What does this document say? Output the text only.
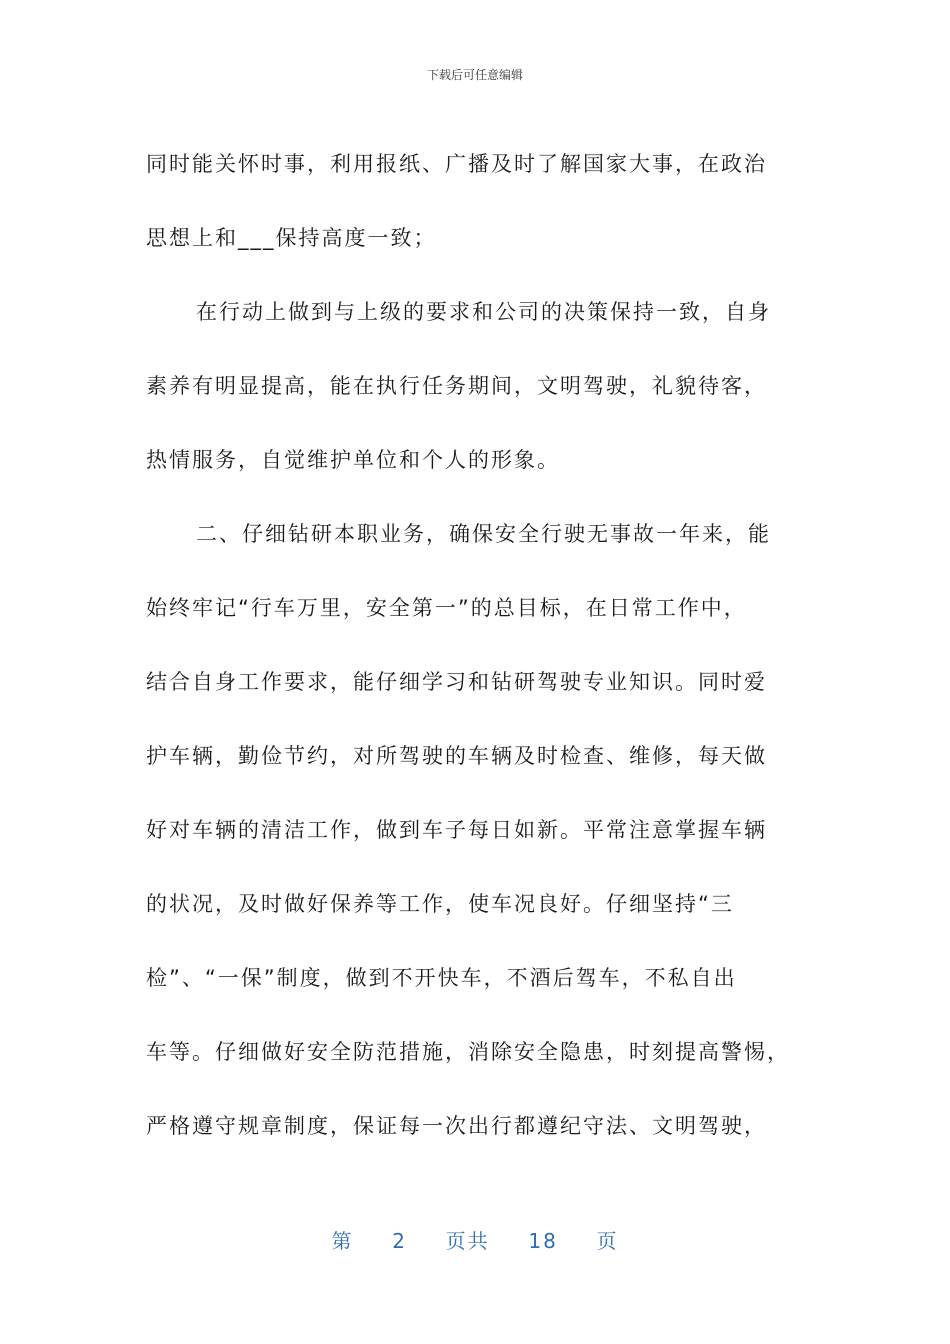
下载后可任意编辑
同时能关怀时事，利用报纸、广播及时了解国家大事，在政治
思想上和___保持高度一致；
在行动上做到与上级的要求和公司的决策保持一致，自身
素养有明显提高，能在执行任务期间，文明驾驶，礼貌待客，
热情服务，自觉维护单位和个人的形象。
二、仔细钻研本职业务，确保安全行驶无事故一年来，能
始终牢记“行车万里，安全第一”的总目标，在日常工作中，
结合自身工作要求，能仔细学习和钻研驾驶专业知识。同时爱
护车辆，勤俭节约，对所驾驶的车辆及时检查、维修，每天做
好对车辆的清洁工作，做到车子每日如新。平常注意掌握车辆
的状况，及时做好保养等工作，使车况良好。仔细坚持“三
检”、“一保”制度，做到不开快车，不酒后驾车，不私自出
车等。仔细做好安全防范措施，消除安全隐患，时刻提高警惕，
严格遵守规章制度，保证每一次出行都遵纪守法、文明驾驶，
第 2 页共 18 页
